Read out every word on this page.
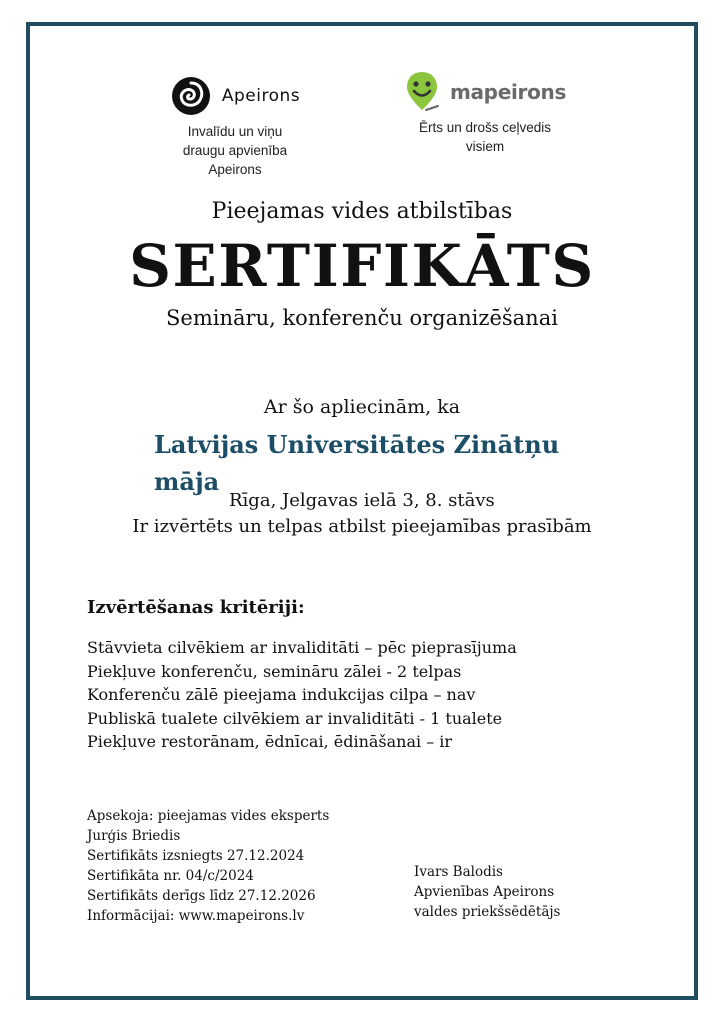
Apeirons
Invalīdu un viņu
draugu apvienība
Apeirons
mapeirons
Ērts un drošs ceļvedis
visiem
Pieejamas vides atbilstības
SERTIFIKĀTS
Semināru, konferenču organizēšanai
Ar šo apliecinām, ka
Latvijas Universitātes Zinātņu māja
Rīga, Jelgavas ielā 3, 8. stāvs
Ir izvērtēts un telpas atbilst pieejamības prasībām
Izvērtēšanas kritēriji:
Stāvvieta cilvēkiem ar invaliditāti – pēc pieprasījuma
Piekļuve konferenču, semināru zālei - 2 telpas
Konferenču zālē pieejama indukcijas cilpa – nav
Publiskā tualete cilvēkiem ar invaliditāti - 1 tualete
Piekļuve restorānam, ēdnīcai, ēdināšanai – ir
Apsekoja: pieejamas vides eksperts
Jurģis Briedis
Sertifikāts izsniegts 27.12.2024
Sertifikāta nr. 04/c/2024
Sertifikāts derīgs līdz 27.12.2026
Informācijai: www.mapeirons.lv
Ivars Balodis
Apvienības Apeirons
valdes priekšsēdētājs
